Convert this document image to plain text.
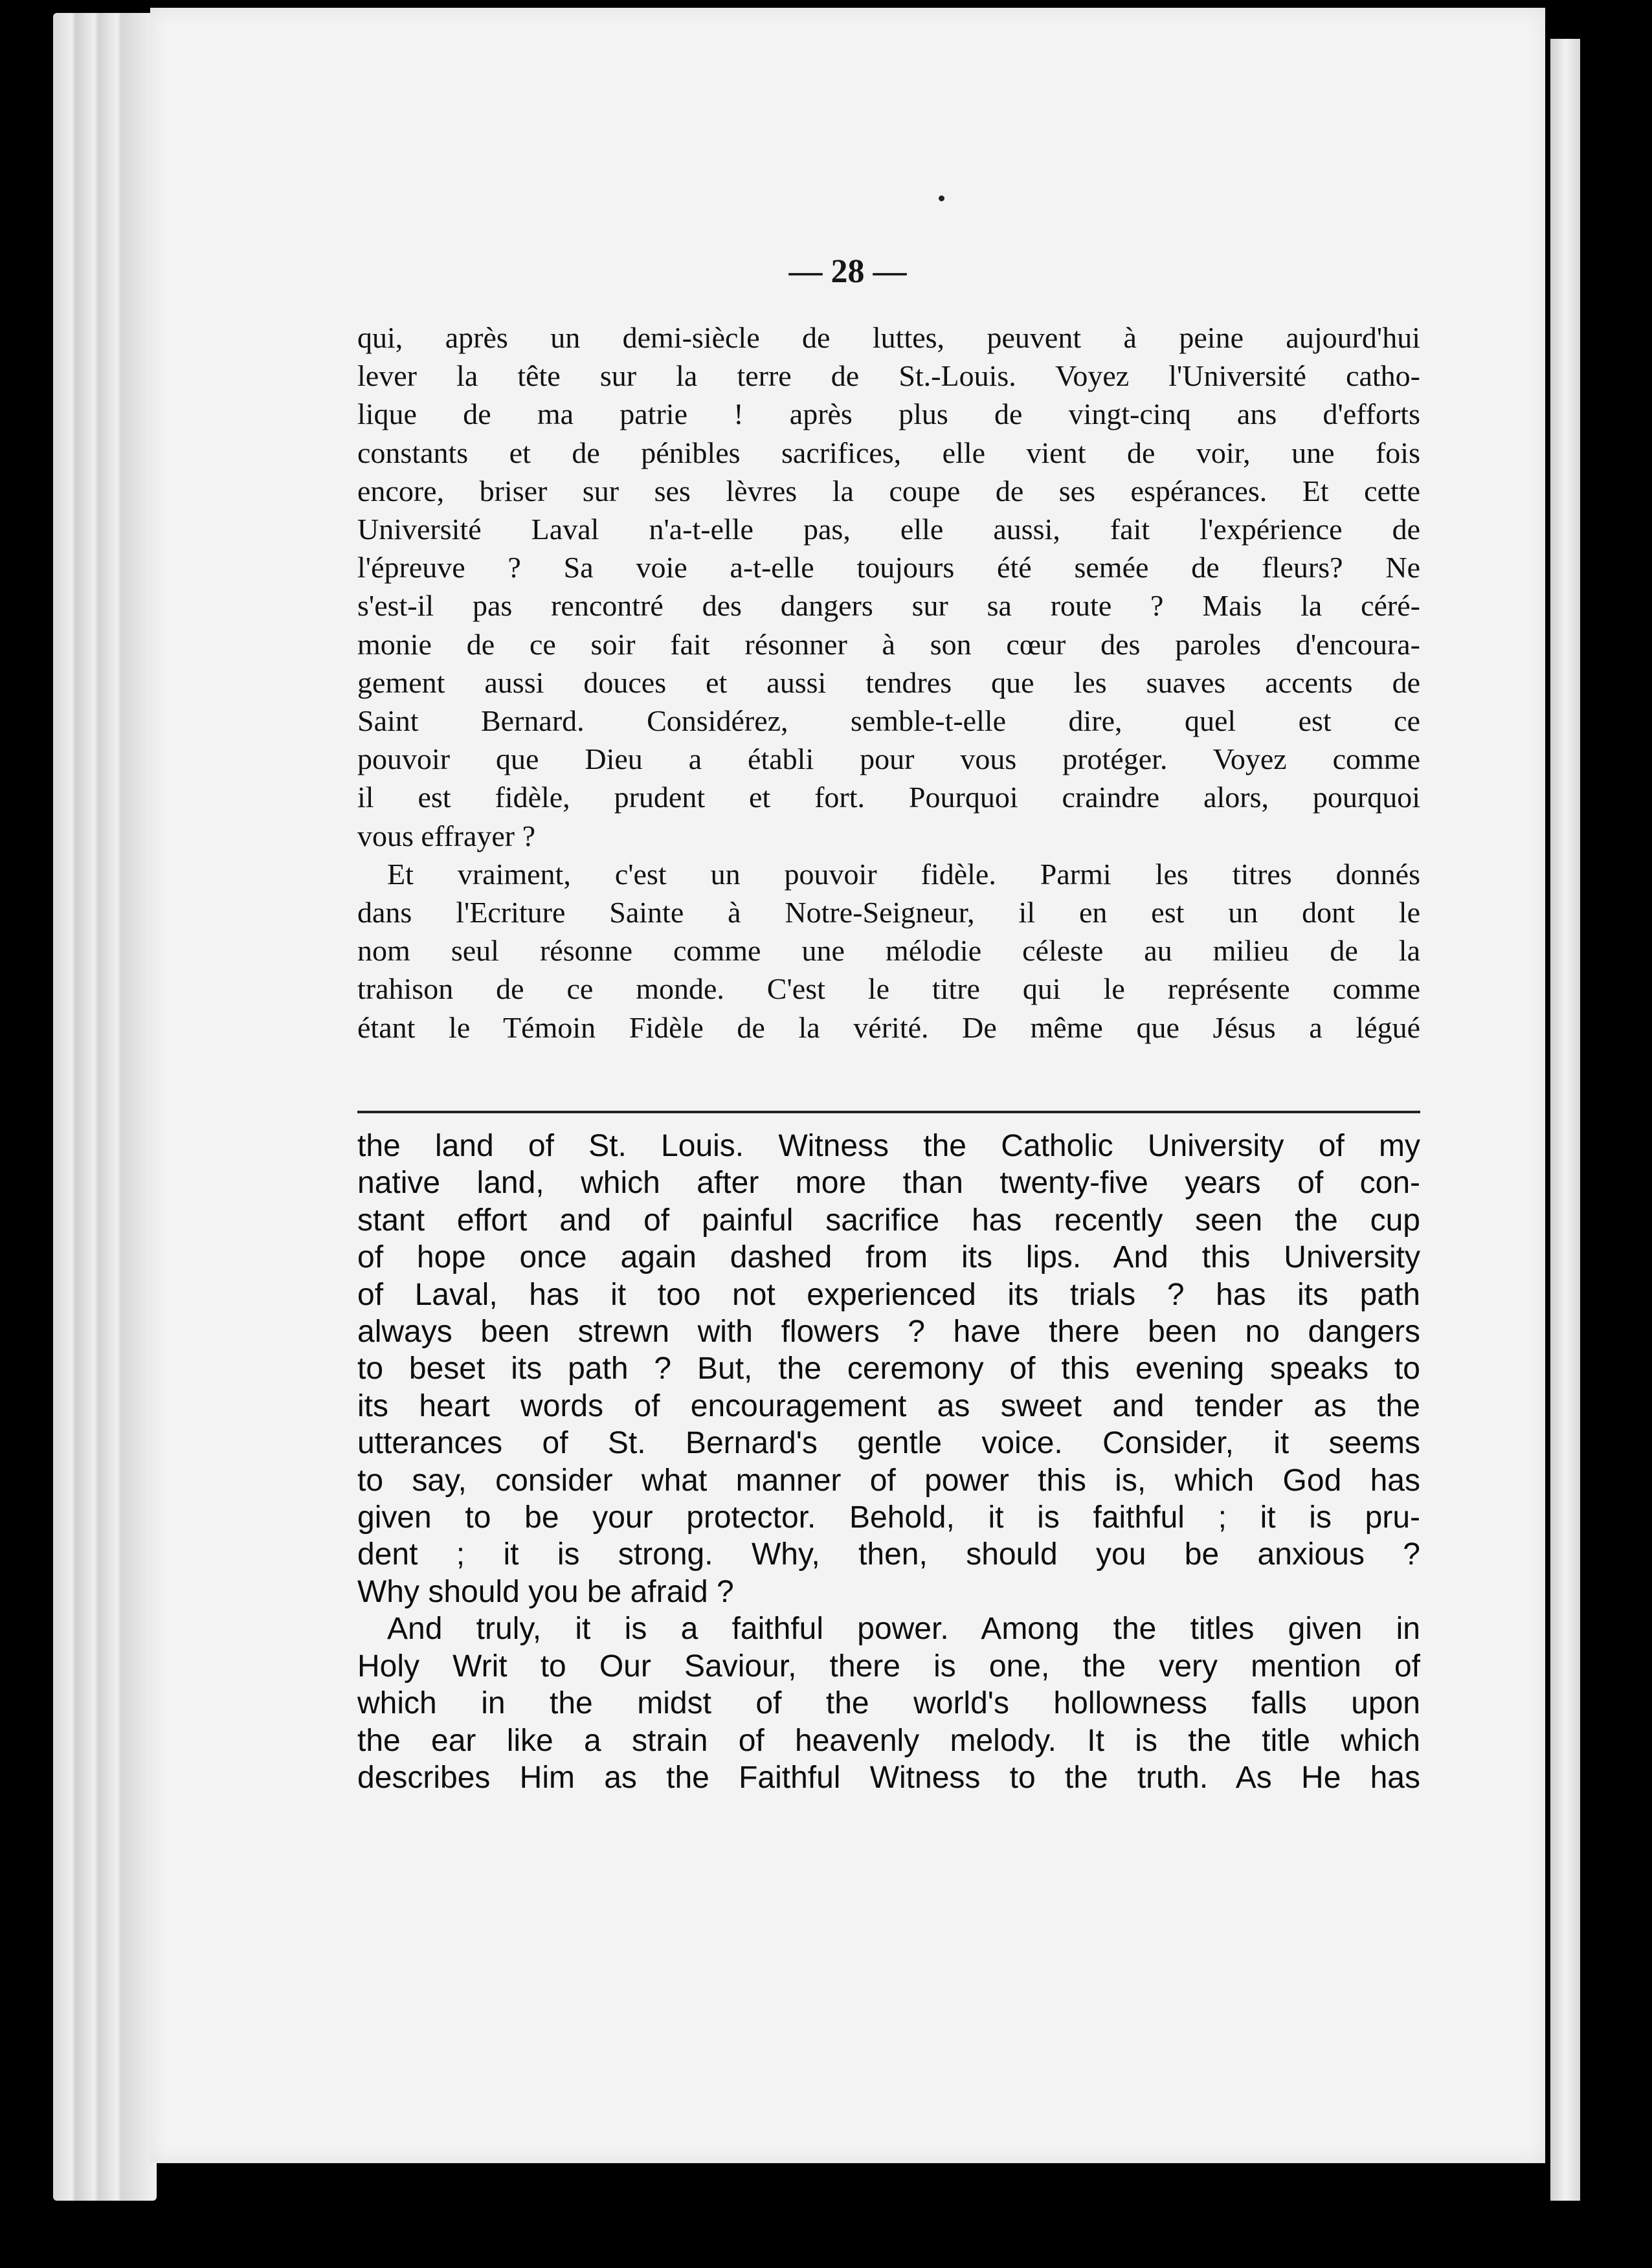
— 28 —
qui, après un demi-siècle de luttes, peuvent à peine aujourd'hui
lever la tête sur la terre de St.-Louis. Voyez l'Université catho-
lique de ma patrie ! après plus de vingt-cinq ans d'efforts
constants et de pénibles sacrifices, elle vient de voir, une fois
encore, briser sur ses lèvres la coupe de ses espérances. Et cette
Université Laval n'a-t-elle pas, elle aussi, fait l'expérience de
l'épreuve ? Sa voie a-t-elle toujours été semée de fleurs? Ne
s'est-il pas rencontré des dangers sur sa route ? Mais la céré-
monie de ce soir fait résonner à son cœur des paroles d'encoura-
gement aussi douces et aussi tendres que les suaves accents de
Saint Bernard. Considérez, semble-t-elle dire, quel est ce
pouvoir que Dieu a établi pour vous protéger. Voyez comme
il est fidèle, prudent et fort. Pourquoi craindre alors, pourquoi
vous effrayer ?
Et vraiment, c'est un pouvoir fidèle. Parmi les titres donnés
dans l'Ecriture Sainte à Notre-Seigneur, il en est un dont le
nom seul résonne comme une mélodie céleste au milieu de la
trahison de ce monde. C'est le titre qui le représente comme
étant le Témoin Fidèle de la vérité. De même que Jésus a légué
the land of St. Louis. Witness the Catholic University of my
native land, which after more than twenty-five years of con-
stant effort and of painful sacrifice has recently seen the cup
of hope once again dashed from its lips. And this University
of Laval, has it too not experienced its trials ? has its path
always been strewn with flowers ? have there been no dangers
to beset its path ? But, the ceremony of this evening speaks to
its heart words of encouragement as sweet and tender as the
utterances of St. Bernard's gentle voice. Consider, it seems
to say, consider what manner of power this is, which God has
given to be your protector. Behold, it is faithful ; it is pru-
dent ; it is strong. Why, then, should you be anxious ?
Why should you be afraid ?
And truly, it is a faithful power. Among the titles given in
Holy Writ to Our Saviour, there is one, the very mention of
which in the midst of the world's hollowness falls upon
the ear like a strain of heavenly melody. It is the title which
describes Him as the Faithful Witness to the truth. As He has
